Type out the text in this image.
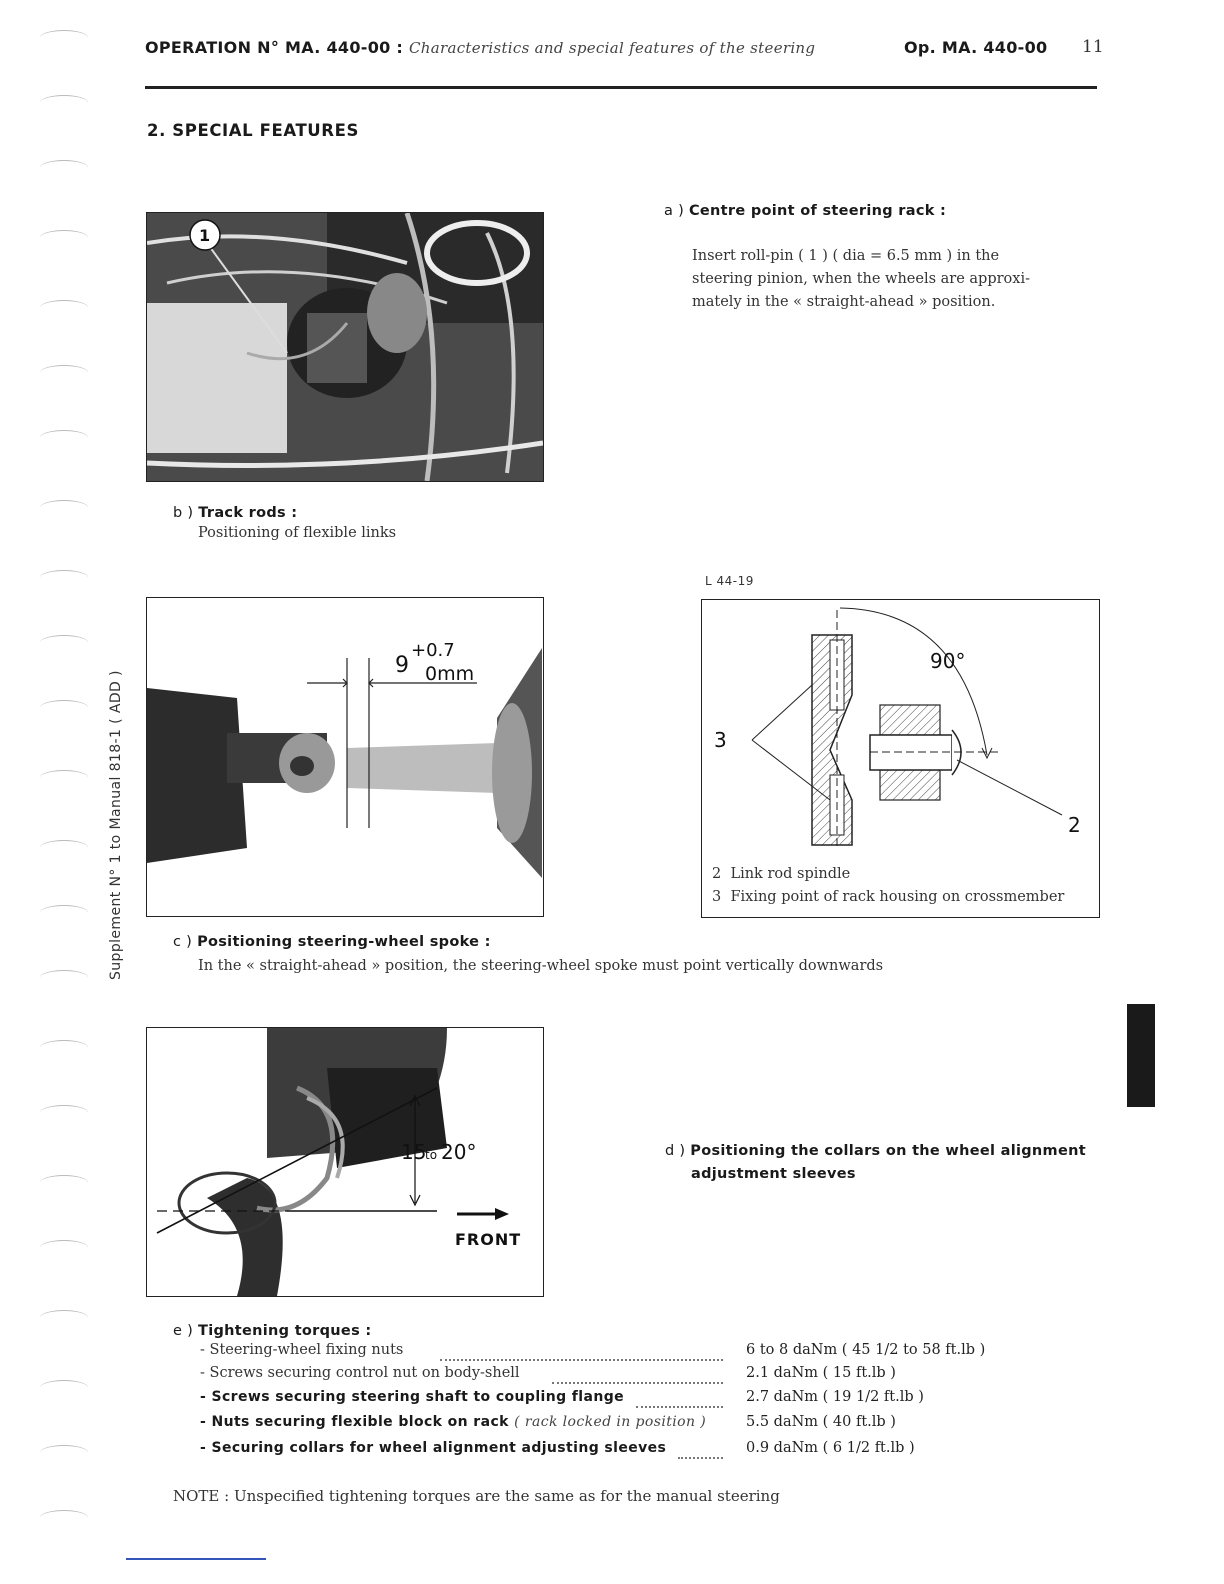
OPERATION N° MA. 440-00 : Characteristics and special features of the steering	Op. MA. 440-00 11
2. SPECIAL FEATURES
Supplement N° 1 to Manual 818-1 ( ADD )
1
a ) Centre point of steering rack :
Insert roll-pin ( 1 ) ( dia = 6.5 mm ) in the
steering pinion, when the wheels are approxi-
mately in the « straight-ahead » position.
b ) Track rods :
Positioning of flexible links
9
+0.7
0mm
L 44-19
90°
3
2
2 Link rod spindle
3 Fixing point of rack housing on crossmember
c ) Positioning steering-wheel spoke :
In the « straight-ahead » position, the steering-wheel spoke must point vertically downwards
15
to 20°
FRONT
d ) Positioning the collars on the wheel alignment
adjustment sleeves
e ) Tightening torques :
- Steering-wheel fixing nuts	6 to 8 daNm ( 45 1/2 to 58 ft.lb )
- Screws securing control nut on body-shell	2.1 daNm ( 15 ft.lb )
- Screws securing steering shaft to coupling flange	2.7 daNm ( 19 1/2 ft.lb )
- Nuts securing flexible block on rack ( rack locked in position )	5.5 daNm ( 40 ft.lb )
- Securing collars for wheel alignment adjusting sleeves	0.9 daNm ( 6 1/2 ft.lb )
NOTE : Unspecified tightening torques are the same as for the manual steering
